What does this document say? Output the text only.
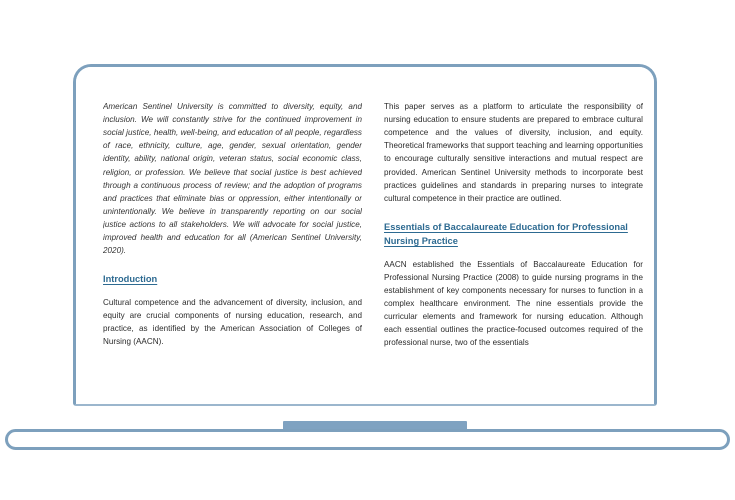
American Sentinel University is committed to diversity, equity, and inclusion. We will constantly strive for the continued improvement in social justice, health, well-being, and education of all people, regardless of race, ethnicity, culture, age, gender, sexual orientation, gender identity, ability, national origin, veteran status, social economic class, religion, or profession. We believe that social justice is best achieved through a continuous process of review; and the adoption of programs and practices that eliminate bias or oppression, either intentionally or unintentionally. We believe in transparently reporting on our social justice actions to all stakeholders. We will advocate for social justice, improved health and education for all (American Sentinel University, 2020).

Introduction

Cultural competence and the advancement of diversity, inclusion, and equity are crucial components of nursing education, research, and practice, as identified by the American Association of Colleges of Nursing (AACN).

This paper serves as a platform to articulate the responsibility of nursing education to ensure students are prepared to embrace cultural competence and the values of diversity, inclusion, and equity. Theoretical frameworks that support teaching and learning opportunities to encourage culturally sensitive interactions and mutual respect are provided. American Sentinel University methods to incorporate best practices guidelines and standards in preparing nurses to integrate cultural competence in their practice are outlined.

Essentials of Baccalaureate Education for Professional Nursing Practice

AACN established the Essentials of Baccalaureate Education for Professional Nursing Practice (2008) to guide nursing programs in the establishment of key components necessary for nurses to function in a complex healthcare environment. The nine essentials provide the curricular elements and framework for nursing education. Although each essential outlines the practice-focused outcomes required of the professional nurse, two of the essentials
